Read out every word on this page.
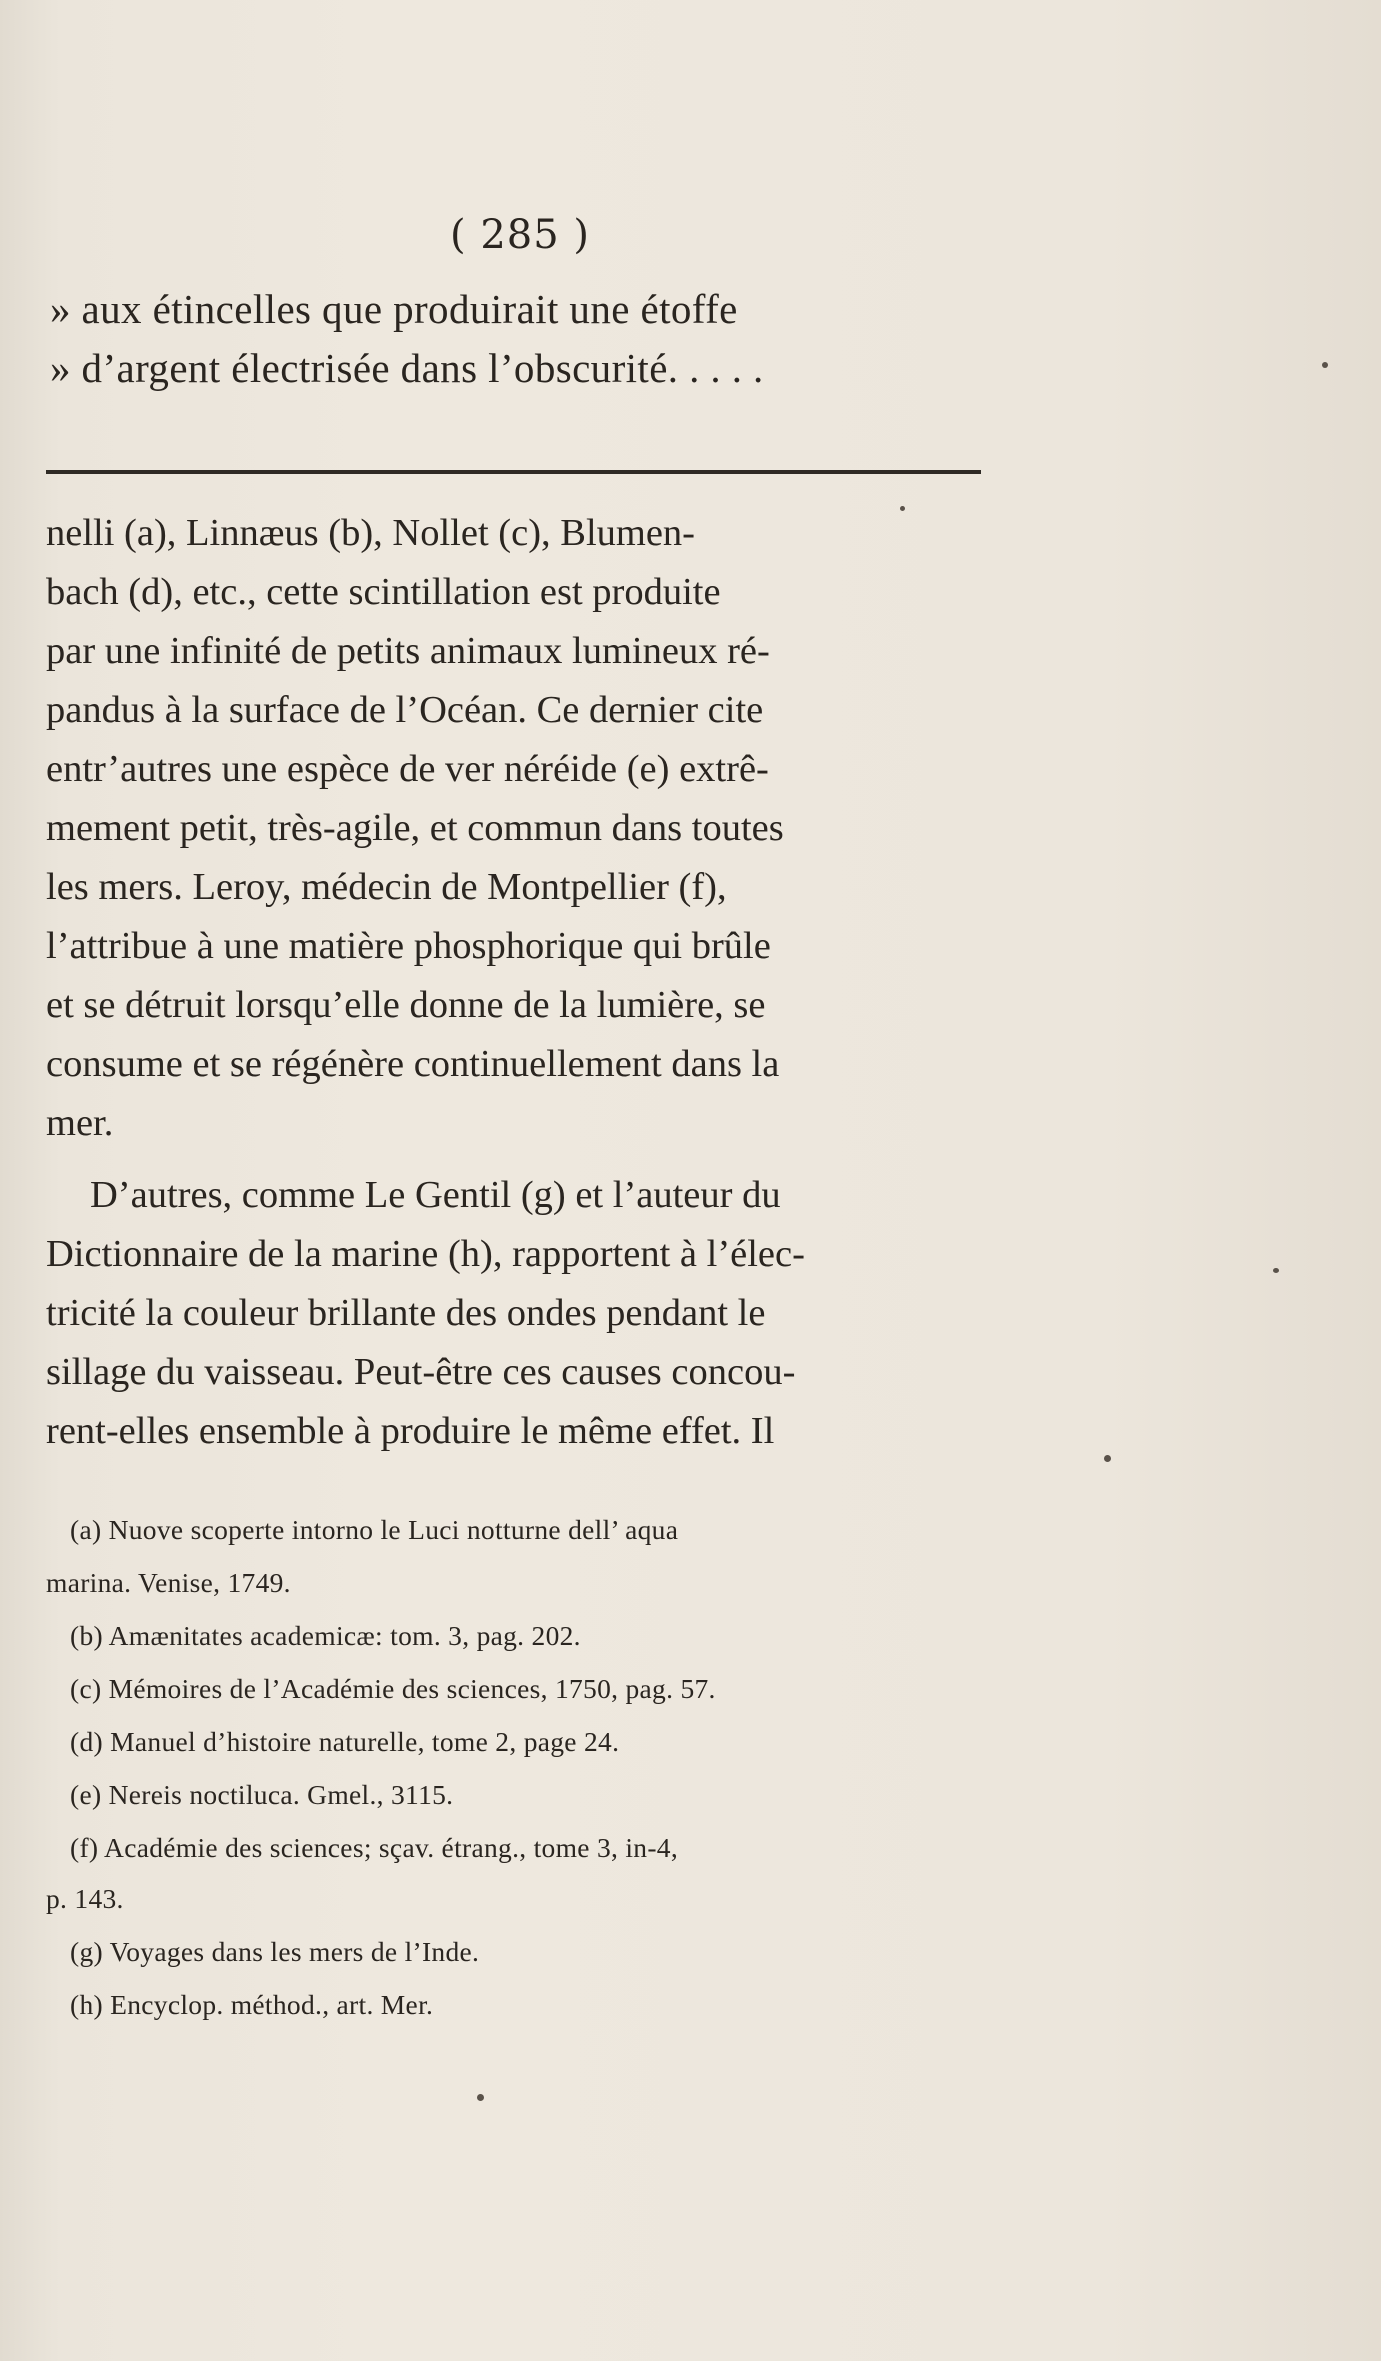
( 285 )
» aux étincelles que produirait une étoffe
» d’argent électrisée dans l’obscurité. . . . .
nelli (a), Linnæus (b), Nollet (c), Blumen-
bach (d), etc., cette scintillation est produite
par une infinité de petits animaux lumineux ré-
pandus à la surface de l’Océan. Ce dernier cite
entr’autres une espèce de ver néréide (e) extrê-
mement petit, très-agile, et commun dans toutes
les mers. Leroy, médecin de Montpellier (f),
l’attribue à une matière phosphorique qui brûle
et se détruit lorsqu’elle donne de la lumière, se
consume et se régénère continuellement dans la
mer.
D’autres, comme Le Gentil (g) et l’auteur du
Dictionnaire de la marine (h), rapportent à l’élec-
tricité la couleur brillante des ondes pendant le
sillage du vaisseau. Peut-être ces causes concou-
rent-elles ensemble à produire le même effet. Il
(a) Nuove scoperte intorno le Luci notturne dell’ aqua
marina. Venise, 1749.
(b) Amænitates academicæ: tom. 3, pag. 202.
(c) Mémoires de l’Académie des sciences, 1750, pag. 57.
(d) Manuel d’histoire naturelle, tome 2, page 24.
(e) Nereis noctiluca. Gmel., 3115.
(f) Académie des sciences; sçav. étrang., tome 3, in-4,
p. 143.
(g) Voyages dans les mers de l’Inde.
(h) Encyclop. méthod., art. Mer.
